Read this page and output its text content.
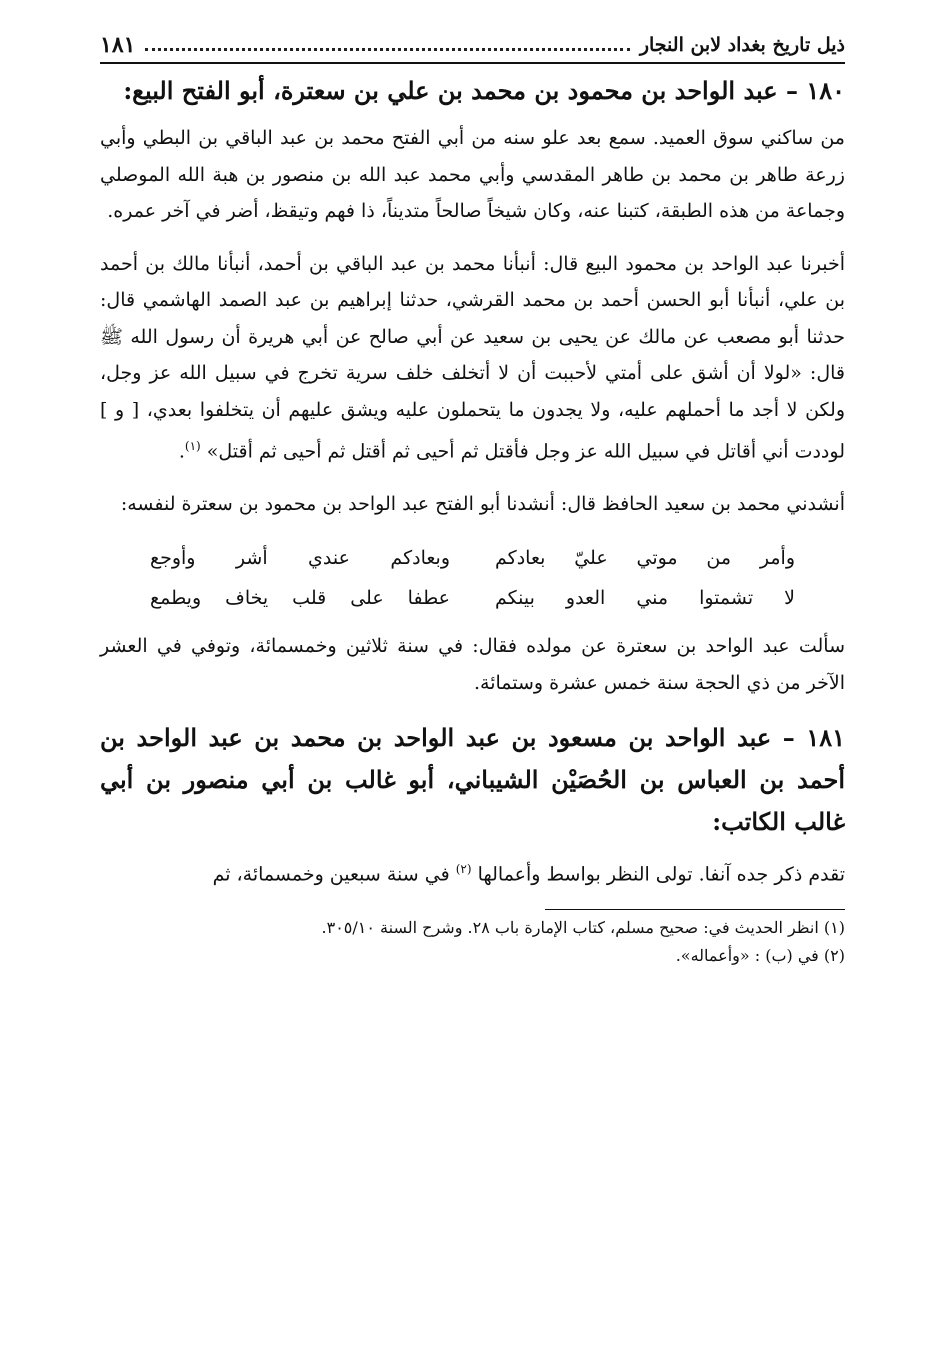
ذيل تاريخ بغداد لابن النجار
١٨١
١٨٠ – عبد الواحد بن محمود بن محمد بن علي بن سعترة، أبو الفتح البيع:

من ساكني سوق العميد. سمع بعد علو سنه من أبي الفتح محمد بن عبد الباقي بن البطي وأبي زرعة طاهر بن محمد بن طاهر المقدسي وأبي محمد عبد الله بن منصور بن هبة الله الموصلي وجماعة من هذه الطبقة، كتبنا عنه، وكان شيخاً صالحاً متديناً، ذا فهم وتيقظ، أضر في آخر عمره.

أخبرنا عبد الواحد بن محمود البيع قال: أنبأنا محمد بن عبد الباقي بن أحمد، أنبأنا مالك بن أحمد بن علي، أنبأنا أبو الحسن أحمد بن محمد القرشي، حدثنا إبراهيم بن عبد الصمد الهاشمي قال: حدثنا أبو مصعب عن مالك عن يحيى بن سعيد عن أبي صالح عن أبي هريرة أن رسول الله ﷺ قال: «لولا أن أشق على أمتي لأحببت أن لا أتخلف خلف سرية تخرج في سبيل الله عز وجل، ولكن لا أجد ما أحملهم عليه، ولا يجدون ما يتحملون عليه ويشق عليهم أن يتخلفوا بعدي، [ و ] لوددت أني أقاتل في سبيل الله عز وجل فأقتل ثم أحيى ثم أقتل ثم أحيى ثم أقتل» $^{(١)}$.

أنشدني محمد بن سعيد الحافظ قال: أنشدنا أبو الفتح عبد الواحد بن محمود بن سعترة لنفسه:

وأمر من موتي عليّ بعادكم
وبعادكم عندي أشر وأوجع
لا تشمتوا مني العدو بينكم
عطفا على قلب يخاف ويطمع

سألت عبد الواحد بن سعترة عن مولده فقال: في سنة ثلاثين وخمسمائة، وتوفي في العشر الآخر من ذي الحجة سنة خمس عشرة وستمائة.

١٨١ – عبد الواحد بن مسعود بن عبد الواحد بن محمد بن عبد الواحد بن أحمد بن العباس بن الحُصَيْن الشيباني، أبو غالب بن أبي منصور بن أبي غالب الكاتب:

تقدم ذكر جده آنفا. تولى النظر بواسط وأعمالها $^{(٢)}$ في سنة سبعين وخمسمائة، ثم

(١) انظر الحديث في: صحيح مسلم، كتاب الإمارة باب ٢٨. وشرح السنة ٣٠٥/١٠.
(٢) في (ب) : «وأعماله».
